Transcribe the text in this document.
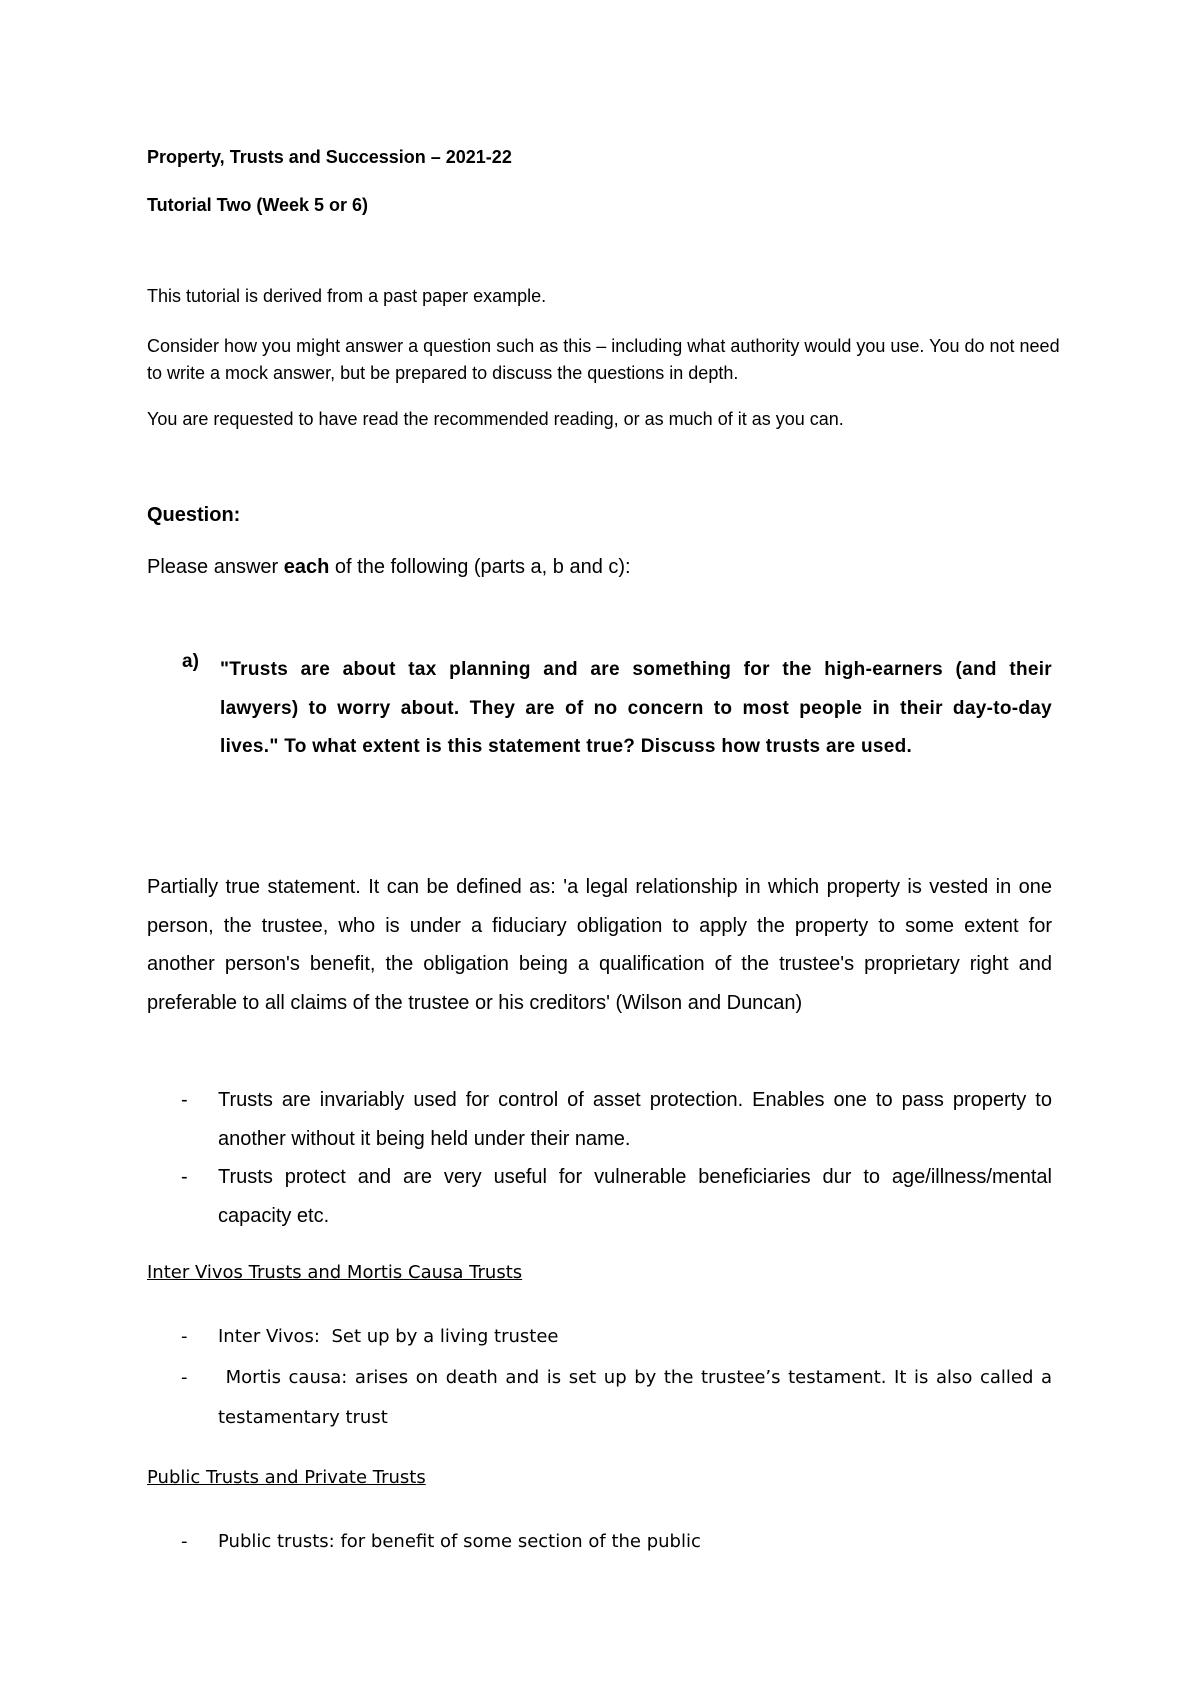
Property, Trusts and Succession – 2021-22

Tutorial Two (Week 5 or 6)

This tutorial is derived from a past paper example.

Consider how you might answer a question such as this – including what authority would you use. You do not need to write a mock answer, but be prepared to discuss the questions in depth.

You are requested to have read the recommended reading, or as much of it as you can.

Question:

Please answer each of the following (parts a, b and c):

a) "Trusts are about tax planning and are something for the high-earners (and their lawyers) to worry about. They are of no concern to most people in their day-to-day lives." To what extent is this statement true? Discuss how trusts are used.

Partially true statement. It can be defined as: 'a legal relationship in which property is vested in one person, the trustee, who is under a fiduciary obligation to apply the property to some extent for another person's benefit, the obligation being a qualification of the trustee's proprietary right and preferable to all claims of the trustee or his creditors' (Wilson and Duncan)

- Trusts are invariably used for control of asset protection. Enables one to pass property to another without it being held under their name.

- Trusts protect and are very useful for vulnerable beneficiaries dur to age/illness/mental capacity etc.

Inter Vivos Trusts and Mortis Causa Trusts

- Inter Vivos:  Set up by a living trustee

- Mortis causa: arises on death and is set up by the trustee’s testament. It is also called a testamentary trust

Public Trusts and Private Trusts

- Public trusts: for benefit of some section of the public
